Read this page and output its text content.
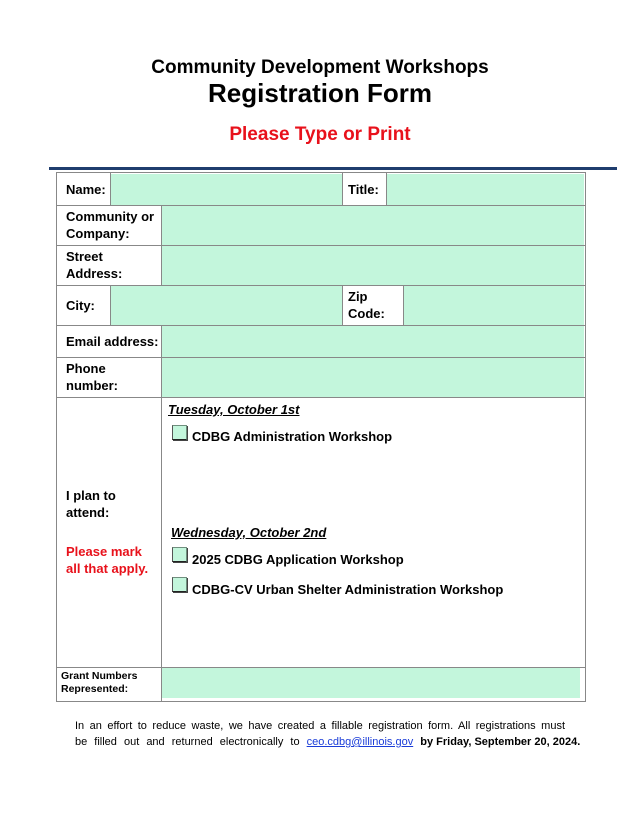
Community Development Workshops
Registration Form
Please Type or Print
Name:	Title:
Community or
Company:
Street
Address:
City:
Zip
Code:
Email address:
Phone
number:
I plan to
attend:
Please mark
all that apply.
Grant Numbers
Represented:
Tuesday, October 1st
CDBG Administration Workshop
Wednesday, October 2nd
2025 CDBG Application Workshop
CDBG-CV Urban Shelter Administration Workshop
In an effort to reduce waste, we have created a fillable registration form. All registrations must
be filled out and returned electronically to ceo.cdbg@illinois.gov by Friday, September 20, 2024.
